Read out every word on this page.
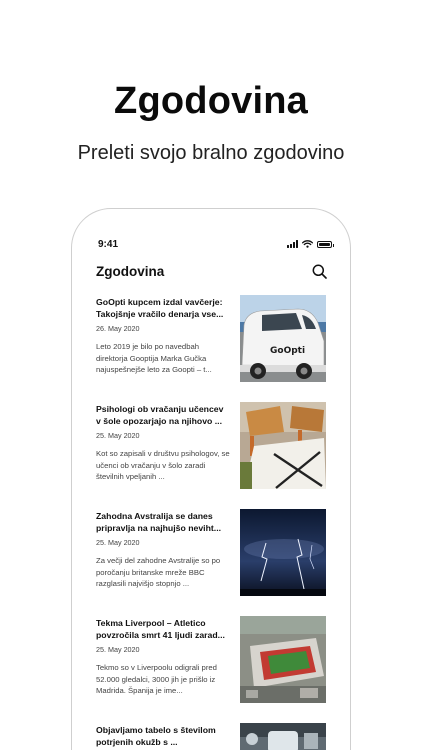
Zgodovina
Preleti svojo bralno zgodovino
9:41
Zgodovina
GoOpti kupcem izdal vavčerje: Takojšnje vračilo denarja vse...
26. May 2020
Leto 2019 je bilo po navedbah direktorja Gooptija Marka Gučka najuspešnejše leto za Goopti – t...
GoOpti
Psihologi ob vračanju učencev v šole opozarjajo na njihovo ...
25. May 2020
Kot so zapisali v društvu psihologov, se učenci ob vračanju v šolo zaradi številnih vpeljanih ...
Zahodna Avstralija se danes pripravlja na najhujšo neviht...
25. May 2020
Za večji del zahodne Avstralije so po poročanju britanske mreže BBC razglasili najvišjo stopnjo ...
Tekma Liverpool – Atletico povzročila smrt 41 ljudi zarad...
25. May 2020
Tekmo so v Liverpoolu odigrali pred 52.000 gledalci, 3000 jih je prišlo iz Madrida. Španija je ime...
Objavljamo tabelo s številom potrjenih okužb s ...
